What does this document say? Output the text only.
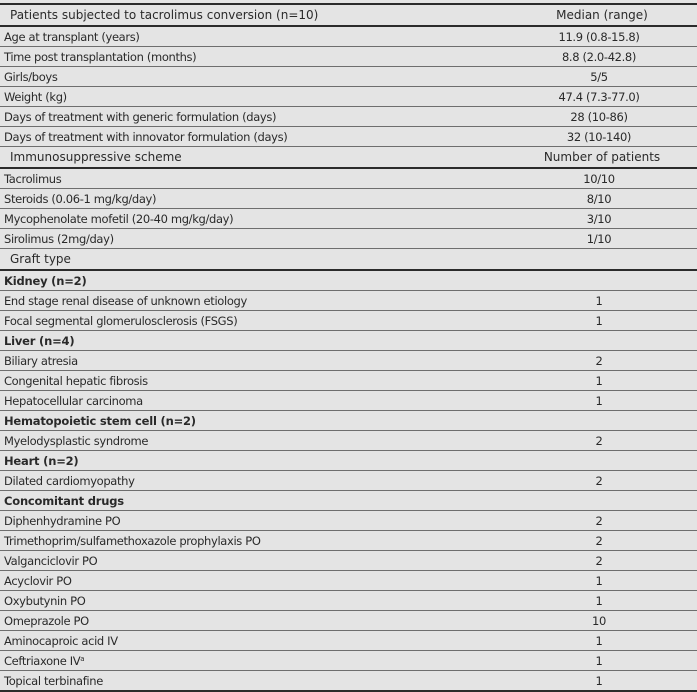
Patients subjected to tacrolimus conversion (n=10)	Median (range)
Age at transplant (years)	11.9 (0.8-15.8)
Time post transplantation (months)	8.8 (2.0-42.8)
Girls/boys	5/5
Weight (kg)	47.4 (7.3-77.0)
Days of treatment with generic formulation (days)	28 (10-86)
Days of treatment with innovator formulation (days)	32 (10-140)
Immunosuppressive scheme	Number of patients
Tacrolimus	10/10
Steroids (0.06-1 mg/kg/day)	8/10
Mycophenolate mofetil (20-40 mg/kg/day)	3/10
Sirolimus (2mg/day)	1/10
Graft type
Kidney (n=2)
End stage renal disease of unknown etiology	1
Focal segmental glomerulosclerosis (FSGS)	1
Liver (n=4)
Biliary atresia	2
Congenital hepatic fibrosis	1
Hepatocellular carcinoma	1
Hematopoietic stem cell (n=2)
Myelodysplastic syndrome	2
Heart (n=2)
Dilated cardiomyopathy	2
Concomitant drugs
Diphenhydramine PO	2
Trimethoprim/sulfamethoxazole prophylaxis PO	2
Valganciclovir PO	2
Acyclovir PO	1
Oxybutynin PO	1
Omeprazole PO	10
Aminocaproic acid IV	1
Ceftriaxone $IV^a$	1
Topical terbinafine	1
